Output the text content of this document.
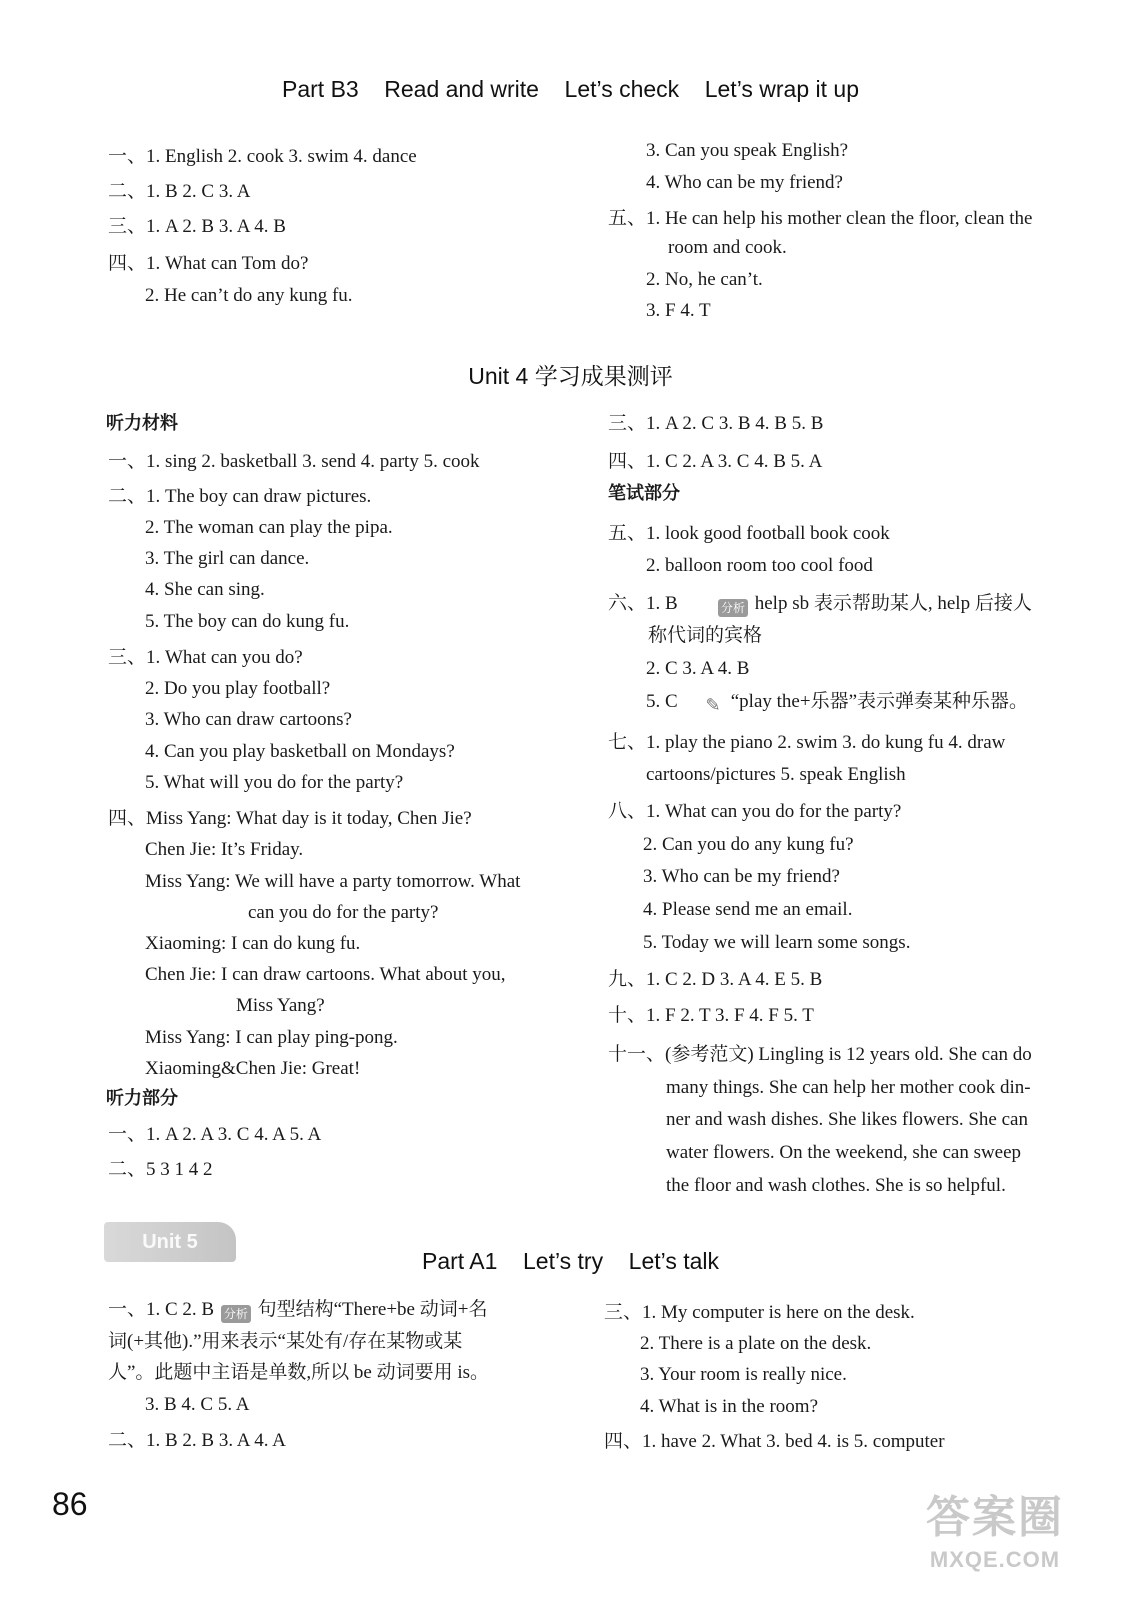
Part B3    Read and write    Let’s check    Let’s wrap it up
一、1. English 2. cook 3. swim 4. dance
二、1. B 2. C 3. A
三、1. A 2. B 3. A 4. B
四、1. What can Tom do?
2. He can’t do any kung fu.
3. Can you speak English?
4. Who can be my friend?
五、1. He can help his mother clean the floor, clean the
room and cook.
2. No, he can’t.
3. F 4. T
Unit 4 学习成果测评
听力材料
一、1. sing 2. basketball 3. send 4. party 5. cook
二、1. The boy can draw pictures.
2. The woman can play the pipa.
3. The girl can dance.
4. She can sing.
5. The boy can do kung fu.
三、1. What can you do?
2. Do you play football?
3. Who can draw cartoons?
4. Can you play basketball on Mondays?
5. What will you do for the party?
四、Miss Yang: What day is it today, Chen Jie?
Chen Jie: It’s Friday.
Miss Yang: We will have a party tomorrow. What
can you do for the party?
Xiaoming: I can do kung fu.
Chen Jie: I can draw cartoons. What about you,
Miss Yang?
Miss Yang: I can play ping-pong.
Xiaoming&Chen Jie: Great!
听力部分
一、1. A 2. A 3. C 4. A 5. A
二、5 3 1 4 2
三、1. A 2. C 3. B 4. B 5. B
四、1. C 2. A 3. C 4. B 5. A
笔试部分
五、1. look good football book cook
2. balloon room too cool food
六、1. B	分析 help sb 表示帮助某人, help 后接人
称代词的宾格
2. C 3. A 4. B
5. C	✎ “play the+乐器”表示弹奏某种乐器。
七、1. play the piano 2. swim 3. do kung fu 4. draw
cartoons/pictures 5. speak English
八、1. What can you do for the party?
2. Can you do any kung fu?
3. Who can be my friend?
4. Please send me an email.
5. Today we will learn some songs.
九、1. C 2. D 3. A 4. E 5. B
十、1. F 2. T 3. F 4. F 5. T
十一、(参考范文) Lingling is 12 years old. She can do
many things. She can help her mother cook din-
ner and wash dishes. She likes flowers. She can
water flowers. On the weekend, she can sweep
the floor and wash clothes. She is so helpful.
Unit 5
Part A1    Let’s try    Let’s talk
一、1. C 2. B 分析 句型结构“There+be 动词+名
词(+其他).”用来表示“某处有/存在某物或某
人”。此题中主语是单数,所以 be 动词要用 is。
3. B 4. C 5. A
二、1. B 2. B 3. A 4. A
三、1. My computer is here on the desk.
2. There is a plate on the desk.
3. Your room is really nice.
4. What is in the room?
四、1. have 2. What 3. bed 4. is 5. computer
86	答案圈
MXQE.COM
